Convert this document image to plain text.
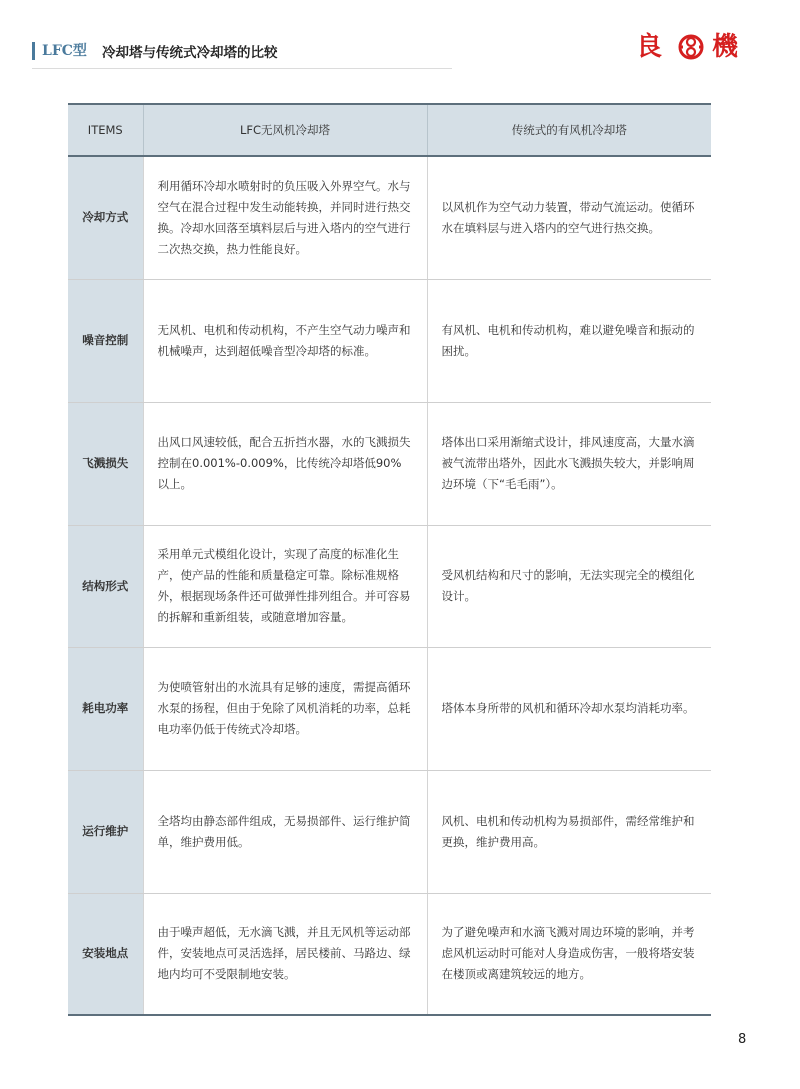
LFC型 冷却塔与传统式冷却塔的比较	良 機
ITEMS	LFC无风机冷却塔	传统式的有风机冷却塔
冷却方式	利用循环冷却水喷射时的负压吸入外界空气。水与空气在混合过程中发生动能转换，并同时进行热交换。冷却水回落至填料层后与进入塔内的空气进行二次热交换，热力性能良好。	以风机作为空气动力装置，带动气流运动。使循环水在填料层与进入塔内的空气进行热交换。
噪音控制	无风机、电机和传动机构，不产生空气动力噪声和机械噪声，达到超低噪音型冷却塔的标准。	有风机、电机和传动机构，难以避免噪音和振动的困扰。
飞溅损失	出风口风速较低，配合五折挡水器，水的飞溅损失控制在0.001%-0.009%，比传统冷却塔低90%以上。	塔体出口采用渐缩式设计，排风速度高，大量水滴被气流带出塔外，因此水飞溅损失较大，并影响周边环境（下“毛毛雨”）。
结构形式	采用单元式模组化设计，实现了高度的标准化生产，使产品的性能和质量稳定可靠。除标准规格外，根据现场条件还可做弹性排列组合。并可容易的拆解和重新组装，或随意增加容量。	受风机结构和尺寸的影响，无法实现完全的模组化设计。
耗电功率	为使喷管射出的水流具有足够的速度，需提高循环水泵的扬程，但由于免除了风机消耗的功率，总耗电功率仍低于传统式冷却塔。	塔体本身所带的风机和循环冷却水泵均消耗功率。
运行维护	全塔均由静态部件组成，无易损部件、运行维护简单，维护费用低。	风机、电机和传动机构为易损部件，需经常维护和更换，维护费用高。
安装地点	由于噪声超低，无水滴飞溅，并且无风机等运动部件，安装地点可灵活选择，居民楼前、马路边、绿地内均可不受限制地安装。	为了避免噪声和水滴飞溅对周边环境的影响，并考虑风机运动时可能对人身造成伤害，一般将塔安装在楼顶或离建筑较远的地方。
8
